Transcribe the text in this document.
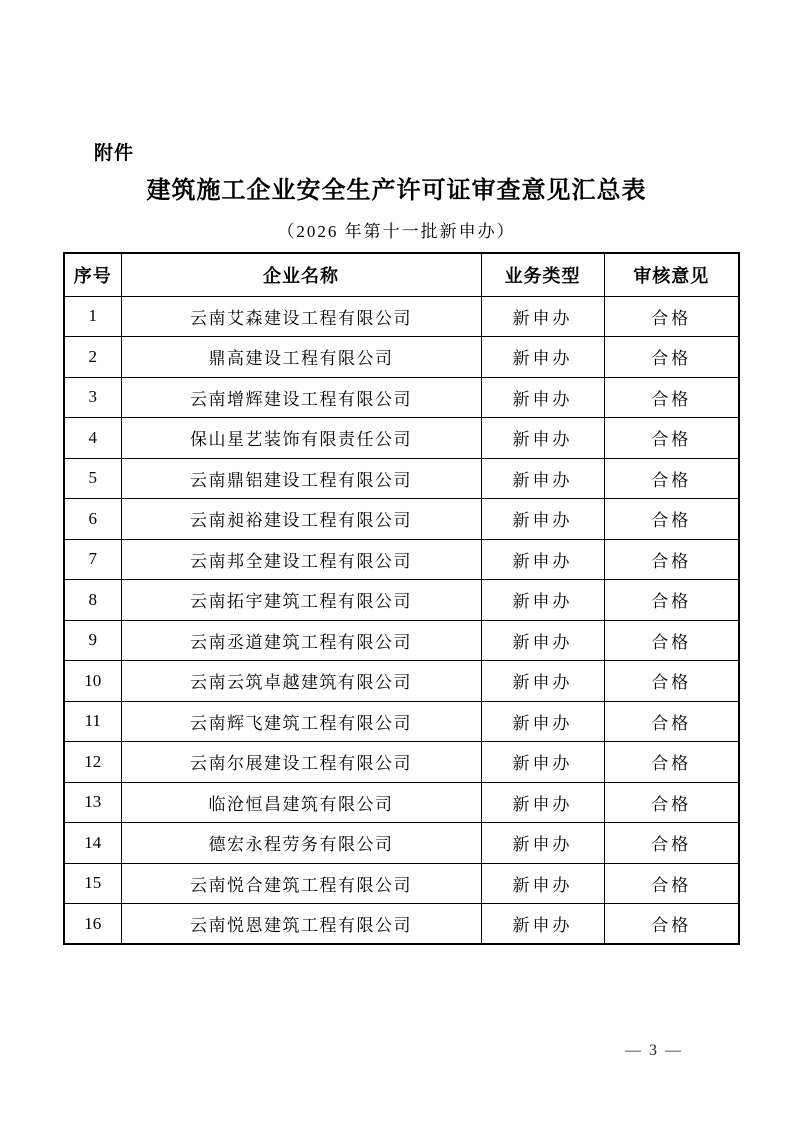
附件
建筑施工企业安全生产许可证审查意见汇总表
（2026 年第十一批新申办）
序号	企业名称	业务类型	审核意见
1	云南艾森建设工程有限公司	新申办	合格
2	鼎高建设工程有限公司	新申办	合格
3	云南增辉建设工程有限公司	新申办	合格
4	保山星艺装饰有限责任公司	新申办	合格
5	云南鼎铝建设工程有限公司	新申办	合格
6	云南昶裕建设工程有限公司	新申办	合格
7	云南邦全建设工程有限公司	新申办	合格
8	云南拓宇建筑工程有限公司	新申办	合格
9	云南丞道建筑工程有限公司	新申办	合格
10	云南云筑卓越建筑有限公司	新申办	合格
11	云南辉飞建筑工程有限公司	新申办	合格
12	云南尔展建设工程有限公司	新申办	合格
13	临沧恒昌建筑有限公司	新申办	合格
14	德宏永程劳务有限公司	新申办	合格
15	云南悦合建筑工程有限公司	新申办	合格
16	云南悦恩建筑工程有限公司	新申办	合格
— 3 —
